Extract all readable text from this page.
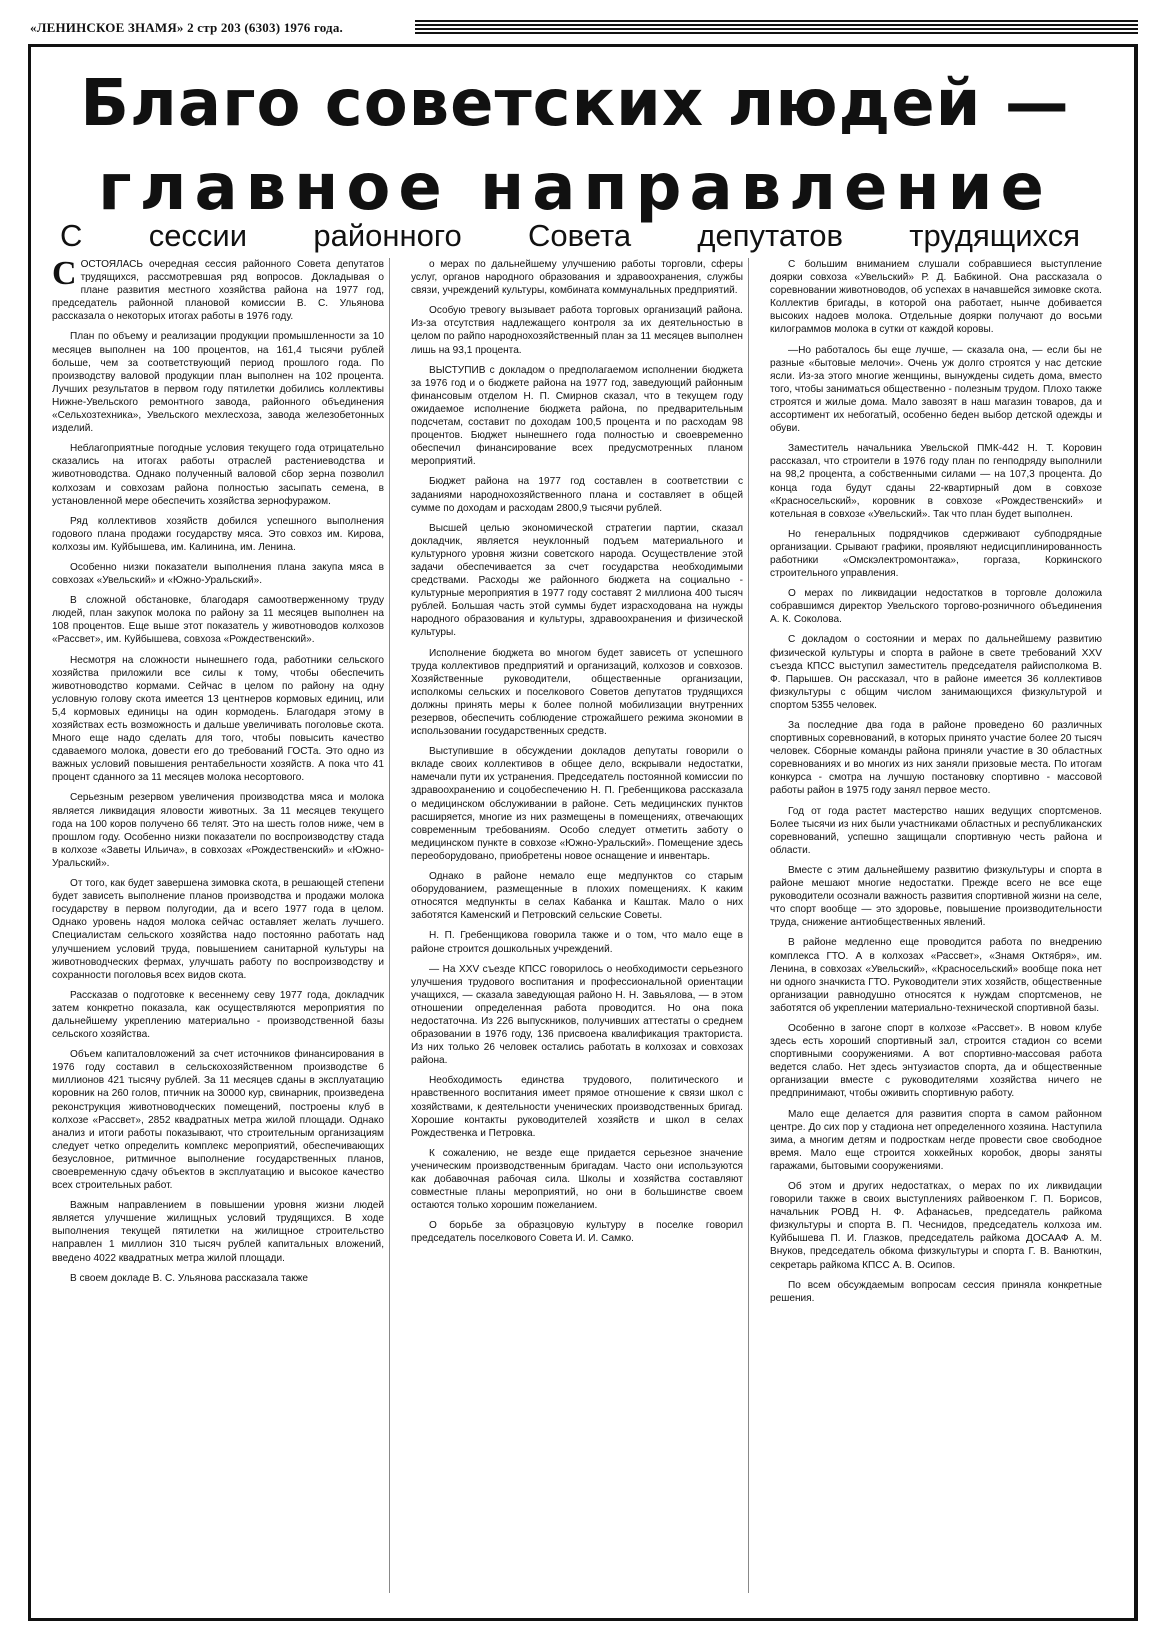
«ЛЕНИНСКОЕ ЗНАМЯ» 2 стр 203 (6303) 1976 года.
Благо советских людей —
главное направление
С сессии районного Совета депутатов трудящихся

СОСТОЯЛАСЬ очередная сессия районного Совета депутатов трудящихся, рассмотревшая ряд вопросов. Докладывая о плане развития местного хозяйства района на 1977 год, председатель районной плановой комиссии В. С. Ульянова рассказала о некоторых итогах работы в 1976 году.

План по объему и реализации продукции промышленности за 10 месяцев выполнен на 100 процентов, на 161,4 тысячи рублей больше, чем за соответствующий период прошлого года. По производству валовой продукции план выполнен на 102 процента. Лучших результатов в первом году пятилетки добились коллективы Нижне-Увельского ремонтного завода, районного объединения «Сельхозтехника», Увельского мехлесхоза, завода железобетонных изделий.

Неблагоприятные погодные условия текущего года отрицательно сказались на итогах работы отраслей растениеводства и животноводства. Однако полученный валовой сбор зерна позволил колхозам и совхозам района полностью засыпать семена, в установленной мере обеспечить хозяйства зернофуражом.

Ряд коллективов хозяйств добился успешного выполнения годового плана продажи государству мяса. Это совхоз им. Кирова, колхозы им. Куйбышева, им. Калинина, им. Ленина.

Особенно низки показатели выполнения плана закупа мяса в совхозах «Увельский» и «Южно-Уральский».

В сложной обстановке, благодаря самоотверженному труду людей, план закупок молока по району за 11 месяцев выполнен на 108 процентов. Еще выше этот показатель у животноводов колхозов «Рассвет», им. Куйбышева, совхоза «Рождественский».

Несмотря на сложности нынешнего года, работники сельского хозяйства приложили все силы к тому, чтобы обеспечить животноводство кормами. Сейчас в целом по району на одну условную голову скота имеется 13 центнеров кормовых единиц, или 5,4 кормовых единицы на один кормодень. Благодаря этому в хозяйствах есть возможность и дальше увеличивать поголовье скота. Много еще надо сделать для того, чтобы повысить качество сдаваемого молока, довести его до требований ГОСТа. Это одно из важных условий повышения рентабельности хозяйств. А пока что 41 процент сданного за 11 месяцев молока несортового.

Серьезным резервом увеличения производства мяса и молока является ликвидация яловости животных. За 11 месяцев текущего года на 100 коров получено 66 телят. Это на шесть голов ниже, чем в прошлом году. Особенно низки показатели по воспроизводству стада в колхозе «Заветы Ильича», в совхозах «Рождественский» и «Южно-Уральский».

От того, как будет завершена зимовка скота, в решающей степени будет зависеть выполнение планов производства и продажи молока государству в первом полугодии, да и всего 1977 года в целом. Однако уровень надоя молока сейчас оставляет желать лучшего. Специалистам сельского хозяйства надо постоянно работать над улучшением условий труда, повышением санитарной культуры на животноводческих фермах, улучшать работу по воспроизводству и сохранности поголовья всех видов скота.

Рассказав о подготовке к весеннему севу 1977 года, докладчик затем конкретно показала, как осуществляются мероприятия по дальнейшему укреплению материально - производственной базы сельского хозяйства.

Объем капиталовложений за счет источников финансирования в 1976 году составил в сельскохозяйственном производстве 6 миллионов 421 тысячу рублей. За 11 месяцев сданы в эксплуатацию коровник на 260 голов, птичник на 30000 кур, свинарник, произведена реконструкция животноводческих помещений, построены клуб в колхозе «Рассвет», 2852 квадратных метра жилой площади. Однако анализ и итоги работы показывают, что строительным организациям следует четко определить комплекс мероприятий, обеспечивающих безусловное, ритмичное выполнение государственных планов, своевременную сдачу объектов в эксплуатацию и высокое качество всех строительных работ.

Важным направлением в повышении уровня жизни людей является улучшение жилищных условий трудящихся. В ходе выполнения текущей пятилетки на жилищное строительство направлен 1 миллион 310 тысяч рублей капитальных вложений, введено 4022 квадратных метра жилой площади.

В своем докладе В. С. Ульянова рассказала также

о мерах по дальнейшему улучшению работы торговли, сферы услуг, органов народного образования и здравоохранения, службы связи, учреждений культуры, комбината коммунальных предприятий.

Особую тревогу вызывает работа торговых организаций района. Из-за отсутствия надлежащего контроля за их деятельностью в целом по райпо народнохозяйственный план за 11 месяцев выполнен лишь на 93,1 процента.

ВЫСТУПИВ с докладом о предполагаемом исполнении бюджета за 1976 год и о бюджете района на 1977 год, заведующий районным финансовым отделом Н. П. Смирнов сказал, что в текущем году ожидаемое исполнение бюджета района, по предварительным подсчетам, составит по доходам 100,5 процента и по расходам 98 процентов. Бюджет нынешнего года полностью и своевременно обеспечил финансирование всех предусмотренных планом мероприятий.

Бюджет района на 1977 год составлен в соответствии с заданиями народнохозяйственного плана и составляет в общей сумме по доходам и расходам 2800,9 тысячи рублей.

Высшей целью экономической стратегии партии, сказал докладчик, является неуклонный подъем материального и культурного уровня жизни советского народа. Осуществление этой задачи обеспечивается за счет государства необходимыми средствами. Расходы же районного бюджета на социально - культурные мероприятия в 1977 году составят 2 миллиона 400 тысяч рублей. Большая часть этой суммы будет израсходована на нужды народного образования и культуры, здравоохранения и физической культуры.

Исполнение бюджета во многом будет зависеть от успешного труда коллективов предприятий и организаций, колхозов и совхозов. Хозяйственные руководители, общественные организации, исполкомы сельских и поселкового Советов депутатов трудящихся должны принять меры к более полной мобилизации внутренних резервов, обеспечить соблюдение строжайшего режима экономии в использовании государственных средств.

Выступившие в обсуждении докладов депутаты говорили о вкладе своих коллективов в общее дело, вскрывали недостатки, намечали пути их устранения. Председатель постоянной комиссии по здравоохранению и соцобеспечению Н. П. Гребенщикова рассказала о медицинском обслуживании в районе. Сеть медицинских пунктов расширяется, многие из них размещены в помещениях, отвечающих современным требованиям. Особо следует отметить заботу о медицинском пункте в совхозе «Южно-Уральский». Помещение здесь переоборудовано, приобретены новое оснащение и инвентарь.

Однако в районе немало еще медпунктов со старым оборудованием, размещенные в плохих помещениях. К каким относятся медпункты в селах Кабанка и Каштак. Мало о них заботятся Каменский и Петровский сельские Советы.

Н. П. Гребенщикова говорила также и о том, что мало еще в районе строится дошкольных учреждений.

— На XXV съезде КПСС говорилось о необходимости серьезного улучшения трудового воспитания и профессиональной ориентации учащихся, — сказала заведующая районо Н. Н. Завьялова, — в этом отношении определенная работа проводится. Но она пока недостаточна. Из 226 выпускников, получивших аттестаты о среднем образовании в 1976 году, 136 присвоена квалификация тракториста. Из них только 26 человек остались работать в колхозах и совхозах района.

Необходимость единства трудового, политического и нравственного воспитания имеет прямое отношение к связи школ с хозяйствами, к деятельности ученических производственных бригад. Хорошие контакты руководителей хозяйств и школ в селах Рождественка и Петровка.

К сожалению, не везде еще придается серьезное значение ученическим производственным бригадам. Часто они используются как добавочная рабочая сила. Школы и хозяйства составляют совместные планы мероприятий, но они в большинстве своем остаются только хорошим пожеланием.

О борьбе за образцовую культуру в поселке говорил председатель поселкового Совета И. И. Самко.

С большим вниманием слушали собравшиеся выступление доярки совхоза «Увельский» Р. Д. Бабкиной. Она рассказала о соревновании животноводов, об успехах в начавшейся зимовке скота. Коллектив бригады, в которой она работает, нынче добивается высоких надоев молока. Отдельные доярки получают до восьми килограммов молока в сутки от каждой коровы.

—Но работалось бы еще лучше, — сказала она, — если бы не разные «бытовые мелочи». Очень уж долго строятся у нас детские ясли. Из-за этого многие женщины, вынуждены сидеть дома, вместо того, чтобы заниматься общественно - полезным трудом. Плохо также строятся и жилые дома. Мало завозят в наш магазин товаров, да и ассортимент их небогатый, особенно беден выбор детской одежды и обуви.

Заместитель начальника Увельской ПМК-442 Н. Т. Коровин рассказал, что строители в 1976 году план по генподряду выполнили на 98,2 процента, а собственными силами — на 107,3 процента. До конца года будут сданы 22-квартирный дом в совхозе «Красносельский», коровник в совхозе «Рождественский» и котельная в совхозе «Увельский». Так что план будет выполнен.

Но генеральных подрядчиков сдерживают субподрядные организации. Срывают графики, проявляют недисциплинированность работники «Омскэлектромонтажа», горгаза, Коркинского строительного управления.

О мерах по ликвидации недостатков в торговле доложила собравшимся директор Увельского торгово-розничного объединения А. К. Соколова.

С докладом о состоянии и мерах по дальнейшему развитию физической культуры и спорта в районе в свете требований XXV съезда КПСС выступил заместитель председателя райисполкома В. Ф. Парышев. Он рассказал, что в районе имеется 36 коллективов физкультуры с общим числом занимающихся физкультурой и спортом 5355 человек.

За последние два года в районе проведено 60 различных спортивных соревнований, в которых принято участие более 20 тысяч человек. Сборные команды района приняли участие в 30 областных соревнованиях и во многих из них заняли призовые места. По итогам конкурса - смотра на лучшую постановку спортивно - массовой работы район в 1975 году занял первое место.

Год от года растет мастерство наших ведущих спортсменов. Более тысячи из них были участниками областных и республиканских соревнований, успешно защищали спортивную честь района и области.

Вместе с этим дальнейшему развитию физкультуры и спорта в районе мешают многие недостатки. Прежде всего не все еще руководители осознали важность развития спортивной жизни на селе, что спорт вообще — это здоровье, повышение производительности труда, снижение антиобщественных явлений.

В районе медленно еще проводится работа по внедрению комплекса ГТО. А в колхозах «Рассвет», «Знамя Октября», им. Ленина, в совхозах «Увельский», «Красносельский» вообще пока нет ни одного значкиста ГТО. Руководители этих хозяйств, общественные организации равнодушно относятся к нуждам спортсменов, не заботятся об укреплении материально-технической спортивной базы.

Особенно в загоне спорт в колхозе «Рассвет». В новом клубе здесь есть хороший спортивный зал, строится стадион со всеми спортивными сооружениями. А вот спортивно-массовая работа ведется слабо. Нет здесь энтузиастов спорта, да и общественные организации вместе с руководителями хозяйства ничего не предпринимают, чтобы оживить спортивную работу.

Мало еще делается для развития спорта в самом районном центре. До сих пор у стадиона нет определенного хозяина. Наступила зима, а многим детям и подросткам негде провести свое свободное время. Мало еще строится хоккейных коробок, дворы заняты гаражами, бытовыми сооружениями.

Об этом и других недостатках, о мерах по их ликвидации говорили также в своих выступлениях райвоенком Г. П. Борисов, начальник РОВД Н. Ф. Афанасьев, председатель райкома физкультуры и спорта В. П. Чеснидов, председатель колхоза им. Куйбышева П. И. Глазков, председатель райкома ДОСААФ А. М. Внуков, председатель обкома физкультуры и спорта Г. В. Ванюткин, секретарь райкома КПСС А. В. Осипов.

По всем обсуждаемым вопросам сессия приняла конкретные решения.
